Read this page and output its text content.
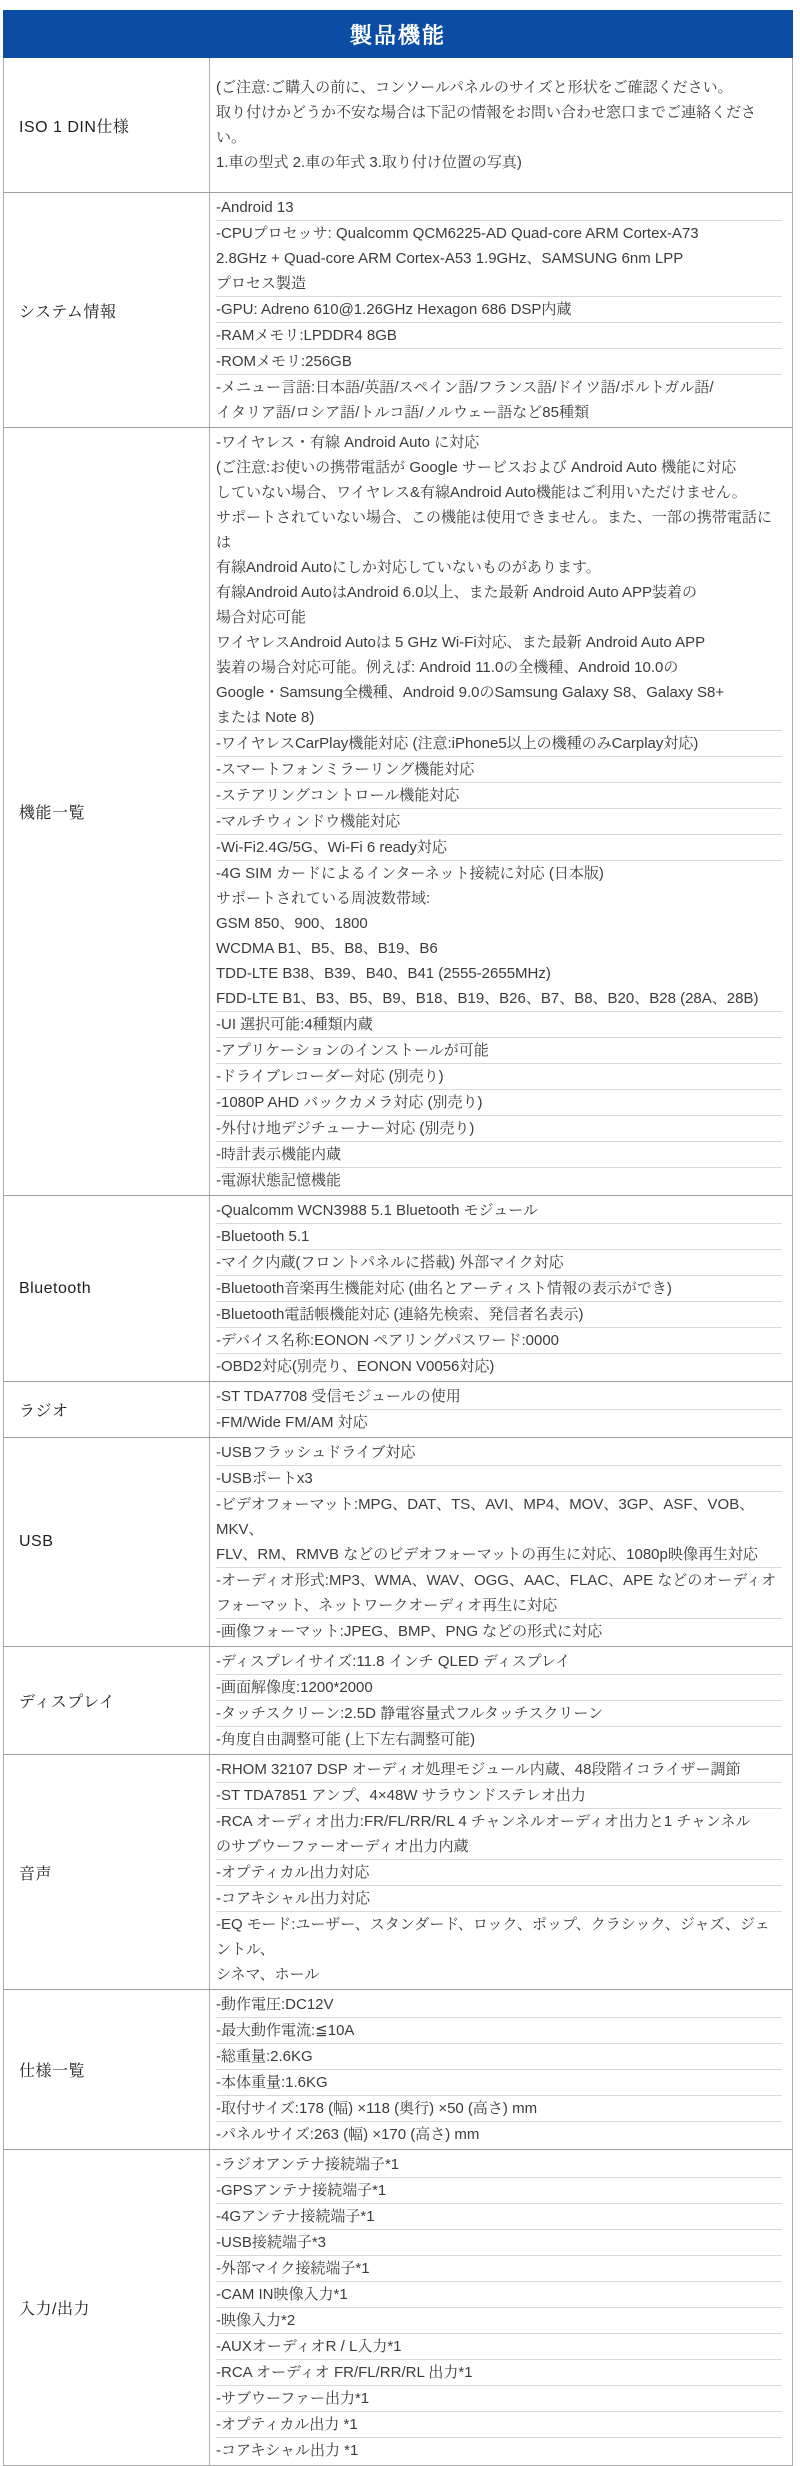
製品機能
ISO 1 DIN仕様
(ご注意:ご購入の前に、コンソールパネルのサイズと形状をご確認ください。
取り付けかどうか不安な場合は下記の情報をお問い合わせ窓口までご連絡ください。
1.車の型式 2.車の年式 3.取り付け位置の写真)
システム情報
-Android 13
-CPUプロセッサ: Qualcomm QCM6225-AD Quad-core ARM Cortex-A73
2.8GHz + Quad-core ARM Cortex-A53 1.9GHz、SAMSUNG 6nm LPP
プロセス製造
-GPU: Adreno 610@1.26GHz Hexagon 686 DSP内蔵
-RAMメモリ:LPDDR4 8GB
-ROMメモリ:256GB
-メニュー言語:日本語/英語/スペイン語/フランス語/ドイツ語/ポルトガル語/
イタリア語/ロシア語/トルコ語/ノルウェー語など85種類
機能一覧
-ワイヤレス・有線 Android Auto に対応
(ご注意:お使いの携帯電話が Google サービスおよび Android Auto 機能に対応
していない場合、ワイヤレス&有線Android Auto機能はご利用いただけません。
サポートされていない場合、この機能は使用できません。また、一部の携帯電話には
有線Android Autoにしか対応していないものがあります。
有線Android AutoはAndroid 6.0以上、また最新 Android Auto APP装着の
場合対応可能
ワイヤレスAndroid Autoは 5 GHz Wi-Fi対応、また最新 Android Auto APP
装着の場合対応可能。例えば: Android 11.0の全機種、Android 10.0の
Google・Samsung全機種、Android 9.0のSamsung Galaxy S8、Galaxy S8+
または Note 8)
-ワイヤレスCarPlay機能対応 (注意:iPhone5以上の機種のみCarplay対応)
-スマートフォンミラーリング機能対応
-ステアリングコントロール機能対応
-マルチウィンドウ機能対応
-Wi-Fi2.4G/5G、Wi-Fi 6 ready対応
-4G SIM カードによるインターネット接続に対応 (日本版)
サポートされている周波数帯域:
GSM 850、900、1800
WCDMA B1、B5、B8、B19、B6
TDD-LTE B38、B39、B40、B41 (2555-2655MHz)
FDD-LTE B1、B3、B5、B9、B18、B19、B26、B7、B8、B20、B28 (28A、28B)
-UI 選択可能:4種類内蔵
-アプリケーションのインストールが可能
-ドライブレコーダー対応 (別売り)
-1080P AHD バックカメラ対応 (別売り)
-外付け地デジチューナー対応 (別売り)
-時計表示機能内蔵
-電源状態記憶機能
Bluetooth
-Qualcomm WCN3988 5.1 Bluetooth モジュール
-Bluetooth 5.1
-マイク内蔵(フロントパネルに搭載) 外部マイク対応
-Bluetooth音楽再生機能対応 (曲名とアーティスト情報の表示ができ)
-Bluetooth電話帳機能対応 (連絡先検索、発信者名表示)
-デバイス名称:EONON ペアリングパスワード:0000
-OBD2対応(別売り、EONON V0056対応)
ラジオ
-ST TDA7708 受信モジュールの使用
-FM/Wide FM/AM 対応
USB
-USBフラッシュドライブ対応
-USBポートx3
-ビデオフォーマット:MPG、DAT、TS、AVI、MP4、MOV、3GP、ASF、VOB、MKV、
FLV、RM、RMVB などのビデオフォーマットの再生に対応、1080p映像再生対応
-オーディオ形式:MP3、WMA、WAV、OGG、AAC、FLAC、APE などのオーディオ
フォーマット、ネットワークオーディオ再生に対応
-画像フォーマット:JPEG、BMP、PNG などの形式に対応
ディスプレイ
-ディスプレイサイズ:11.8 インチ QLED ディスプレイ
-画面解像度:1200*2000
-タッチスクリーン:2.5D 静電容量式フルタッチスクリーン
-角度自由調整可能 (上下左右調整可能)
音声
-RHOM 32107 DSP オーディオ処理モジュール内蔵、48段階イコライザー調節
-ST TDA7851 アンプ、4×48W サラウンドステレオ出力
-RCA オーディオ出力:FR/FL/RR/RL 4 チャンネルオーディオ出力と1 チャンネル
のサブウーファーオーディオ出力内蔵
-オプティカル出力対応
-コアキシャル出力対応
-EQ モード:ユーザー、スタンダード、ロック、ポップ、クラシック、ジャズ、ジェントル、
シネマ、ホール
仕様一覧
-動作電圧:DC12V
-最大動作電流:≦10A
-総重量:2.6KG
-本体重量:1.6KG
-取付サイズ:178 (幅) ×118 (奥行) ×50 (高さ) mm
-パネルサイズ:263 (幅) ×170 (高さ) mm
入力/出力
-ラジオアンテナ接続端子*1
-GPSアンテナ接続端子*1
-4Gアンテナ接続端子*1
-USB接続端子*3
-外部マイク接続端子*1
-CAM IN映像入力*1
-映像入力*2
-AUXオーディオR / L入力*1
-RCA オーディオ FR/FL/RR/RL 出力*1
-サブウーファー出力*1
-オプティカル出力 *1
-コアキシャル出力 *1
